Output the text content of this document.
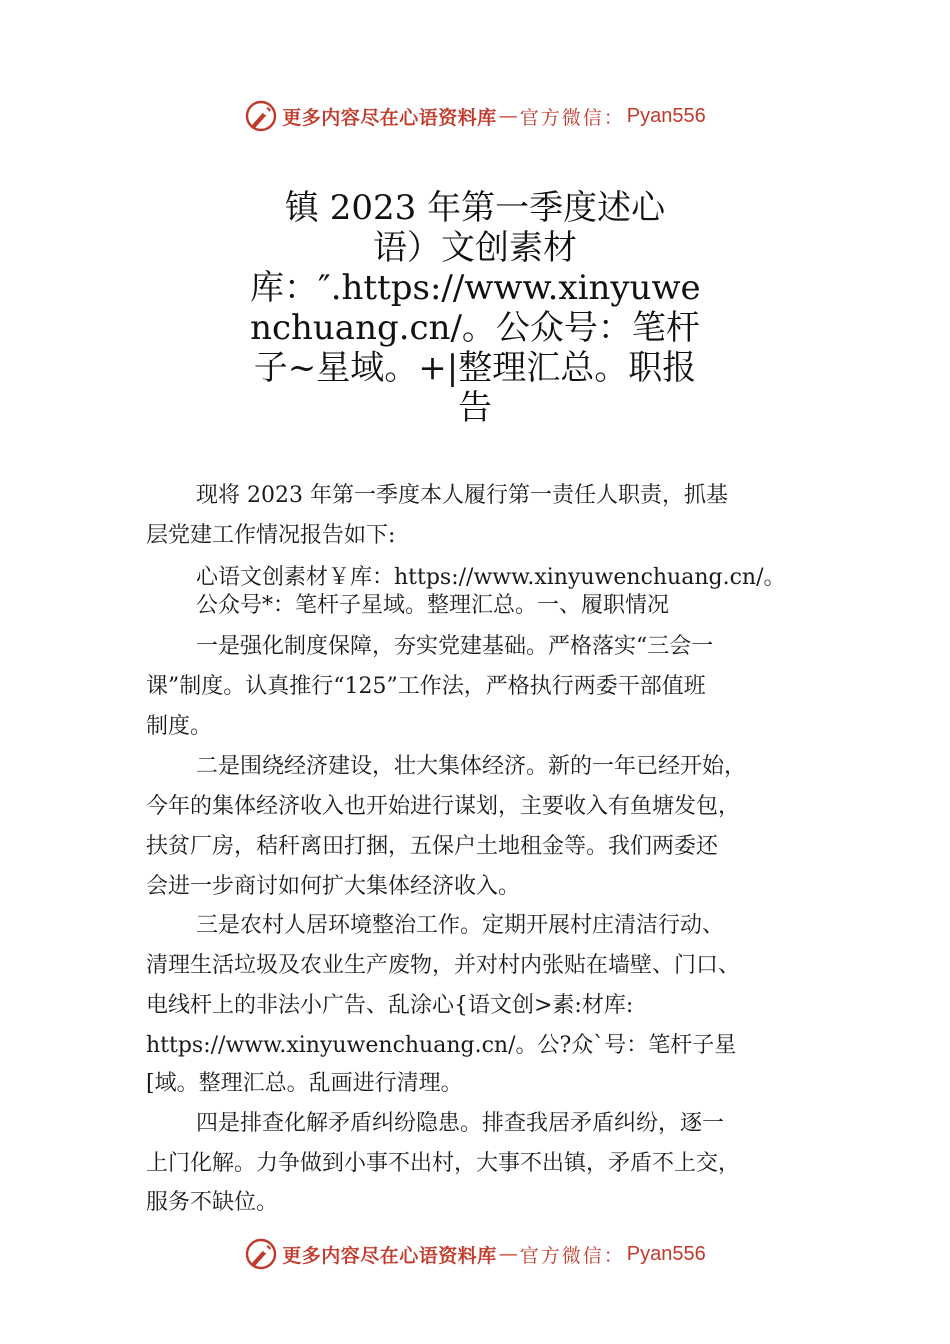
更多内容尽在心语资料库 — 官方微信： Pyan556
镇 2023 年第一季度述心
语）文创素材
库：″.https://www.xinyuwe
nchuang.cn/。公众号：笔杆
子~星域。+|整理汇总。职报
告
现将 2023 年第一季度本人履行第一责任人职责，抓基
层党建工作情况报告如下:
心语文创素材￥库：https://www.xinyuwenchuang.cn/。
公众号*：笔杆子星域。整理汇总。一、履职情况
一是强化制度保障，夯实党建基础。严格落实“三会一
课”制度。认真推行“125”工作法，严格执行两委干部值班
制度。
二是围绕经济建设，壮大集体经济。新的一年已经开始，
今年的集体经济收入也开始进行谋划，主要收入有鱼塘发包，
扶贫厂房，秸秆离田打捆，五保户土地租金等。我们两委还
会进一步商讨如何扩大集体经济收入。
三是农村人居环境整治工作。定期开展村庄清洁行动、
清理生活垃圾及农业生产废物，并对村内张贴在墙壁、门口、
电线杆上的非法小广告、乱涂心{语文创>素:材库:
https://www.xinyuwenchuang.cn/。公?众`号：笔杆子星
[域。整理汇总。乱画进行清理。
四是排查化解矛盾纠纷隐患。排查我居矛盾纠纷，逐一
上门化解。力争做到小事不出村，大事不出镇，矛盾不上交，
服务不缺位。
更多内容尽在心语资料库 — 官方微信： Pyan556
